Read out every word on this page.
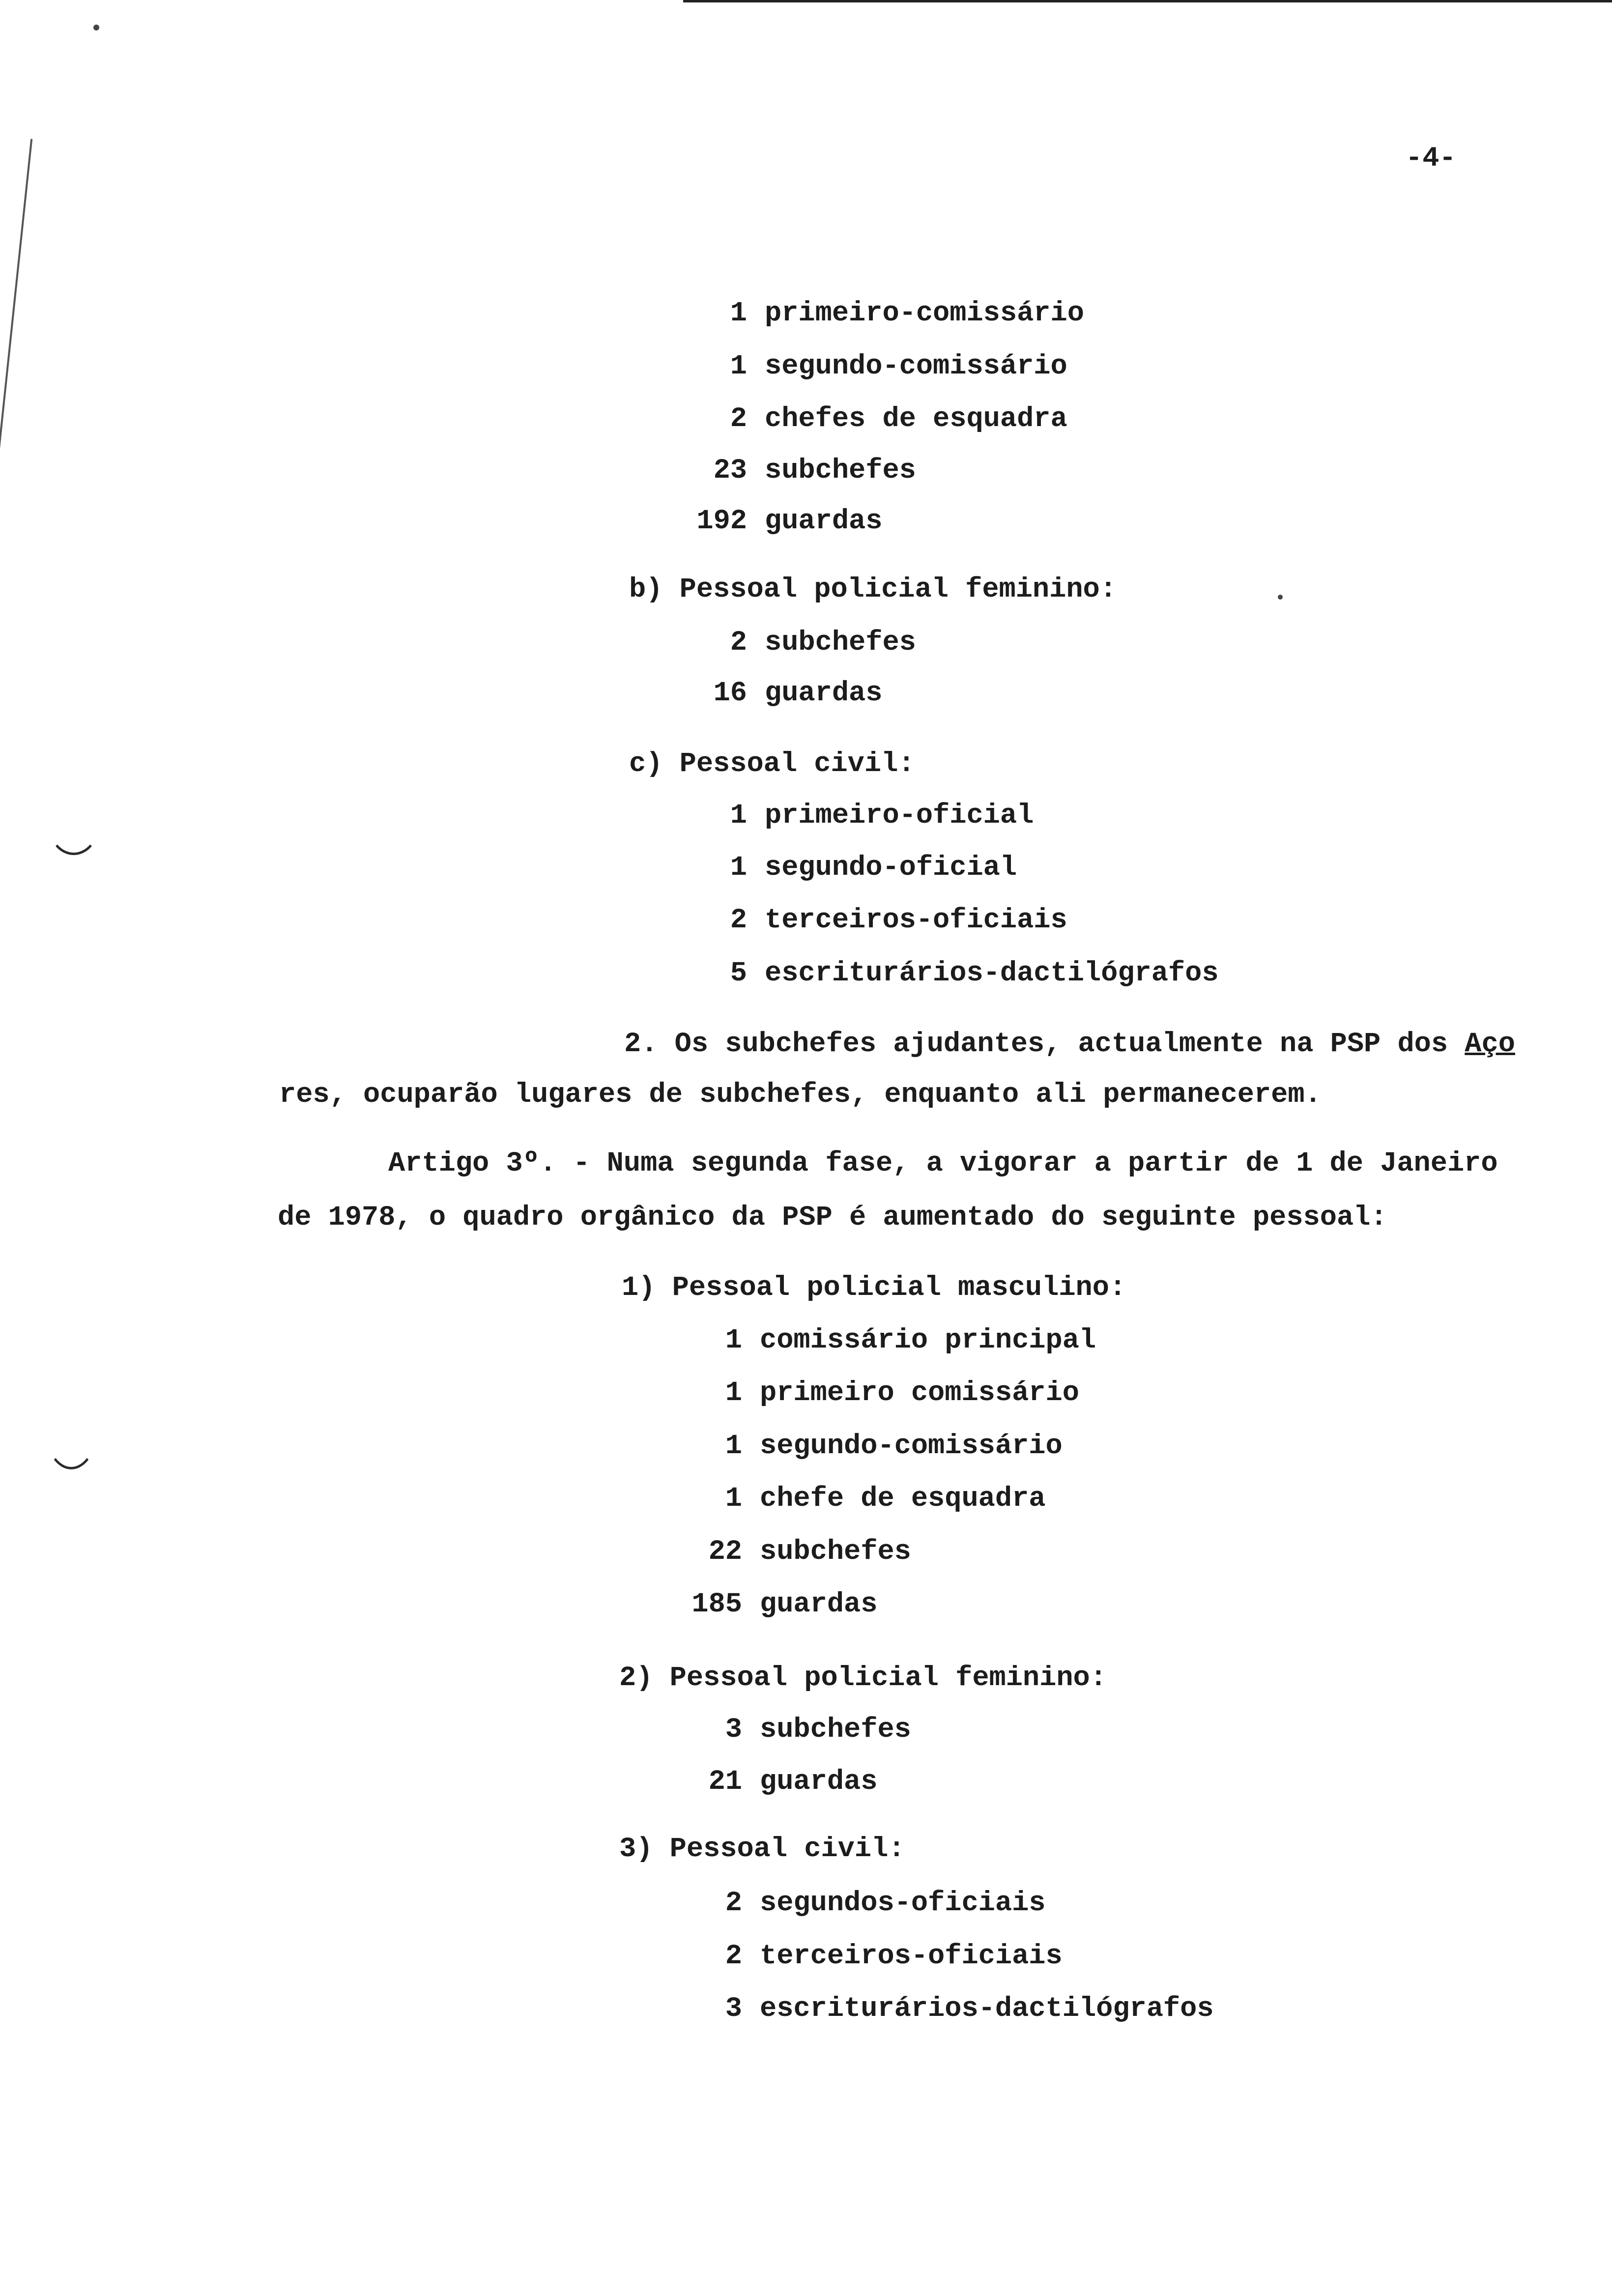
-4-
1 primeiro-comissário
1 segundo-comissário
2 chefes de esquadra
23 subchefes
192 guardas
b) Pessoal policial feminino:
2 subchefes
16 guardas
c) Pessoal civil:
1 primeiro-oficial
1 segundo-oficial
2 terceiros-oficiais
5 escriturários-dactilógrafos
2. Os subchefes ajudantes, actualmente na PSP dos Aço
res, ocuparão lugares de subchefes, enquanto ali permanecerem.
Artigo 3º. - Numa segunda fase, a vigorar a partir de 1 de Janeiro
de 1978, o quadro orgânico da PSP é aumentado do seguinte pessoal:
1) Pessoal policial masculino:
1 comissário principal
1 primeiro comissário
1 segundo-comissário
1 chefe de esquadra
22 subchefes
185 guardas
2) Pessoal policial feminino:
3 subchefes
21 guardas
3) Pessoal civil:
2 segundos-oficiais
2 terceiros-oficiais
3 escriturários-dactilógrafos
